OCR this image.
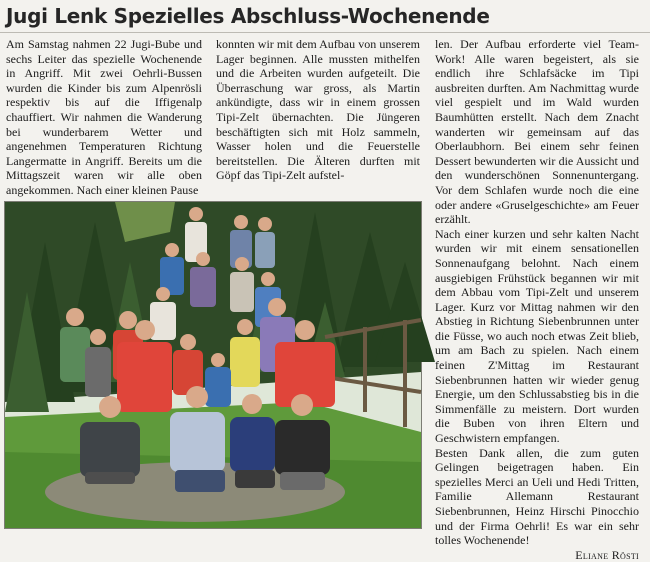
Jugi Lenk Spezielles Abschluss-Wochenende

Am Samstag nahmen 22 Jugi-Bube und sechs Leiter das spezielle Wochenende in Angriff. Mit zwei Oehrli-Bussen wurden die Kinder bis zum Alpenrösli respektiv bis auf die Iffigenalp chauffiert. Wir nahmen die Wanderung bei wunderbarem Wetter und angenehmen Temperaturen Richtung Langermatte in Angriff. Bereits um die Mittagszeit waren wir alle oben angekommen. Nach einer kleinen Pause

konnten wir mit dem Aufbau von unserem Lager beginnen. Alle mussten mithelfen und die Arbeiten wurden aufgeteilt. Die Überraschung war gross, als Martin ankündigte, dass wir in einem grossen Tipi-Zelt übernachten. Die Jüngeren beschäftigten sich mit Holz sammeln, Wasser holen und die Feuerstelle bereitstellen. Die Älteren durften mit Göpf das Tipi-Zelt aufstel-

len. Der Aufbau erforderte viel Team-Work! Alle waren begeistert, als sie endlich ihre Schlafsäcke im Tipi ausbreiten durften. Am Nachmittag wurde viel gespielt und im Wald wurden Baumhütten erstellt. Nach dem Znacht wanderten wir gemeinsam auf das Oberlaubhorn. Bei einem sehr feinen Dessert bewunderten wir die Aussicht und den wunderschönen Sonnenuntergang. Vor dem Schlafen wurde noch die eine oder andere «Gruselgeschichte» am Feuer erzählt.

Nach einer kurzen und sehr kalten Nacht wurden wir mit einem sensationellen Sonnenaufgang belohnt. Nach einem ausgiebigen Frühstück begannen wir mit dem Abbau vom Tipi-Zelt und unserem Lager. Kurz vor Mittag nahmen wir den Abstieg in Richtung Siebenbrunnen unter die Füsse, wo auch noch etwas Zeit blieb, um am Bach zu spielen. Nach einem feinen Z'Mittag im Restaurant Siebenbrunnen hatten wir wieder genug Energie, um den Schlussabstieg bis in die Simmenfälle zu meistern. Dort wurden die Buben von ihren Eltern und Geschwistern empfangen.

Besten Dank allen, die zum guten Gelingen beigetragen haben. Ein spezielles Merci an Ueli und Hedi Tritten, Familie Allemann Restaurant Siebenbrunnen, Heinz Hirschi Pinocchio und der Firma Oehrli! Es war ein sehr tolles Wochenende!
Eliane Rösti
